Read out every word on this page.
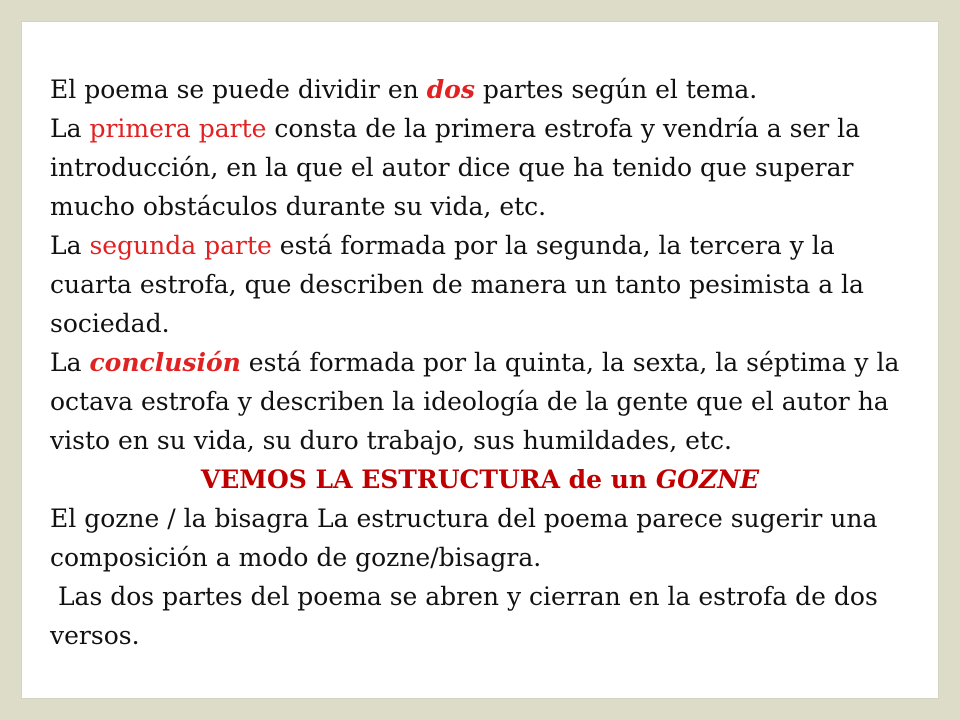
El poema se puede dividir en dos partes según el tema.

La primera parte consta de la primera estrofa y vendría a ser la introducción, en la que el autor dice que ha tenido que superar mucho obstáculos durante su vida, etc.

La segunda parte está formada por la segunda, la tercera y la cuarta estrofa, que describen de manera un tanto pesimista a la sociedad.

La conclusión está formada por la quinta, la sexta, la séptima y la octava estrofa y describen la ideología de la gente que el autor ha visto en su vida, su duro trabajo, sus humildades, etc.

VEMOS LA ESTRUCTURA de un GOZNE

El gozne / la bisagra La estructura del poema parece sugerir una composición a modo de gozne/bisagra.

Las dos partes del poema se abren y cierran en la estrofa de dos versos.
